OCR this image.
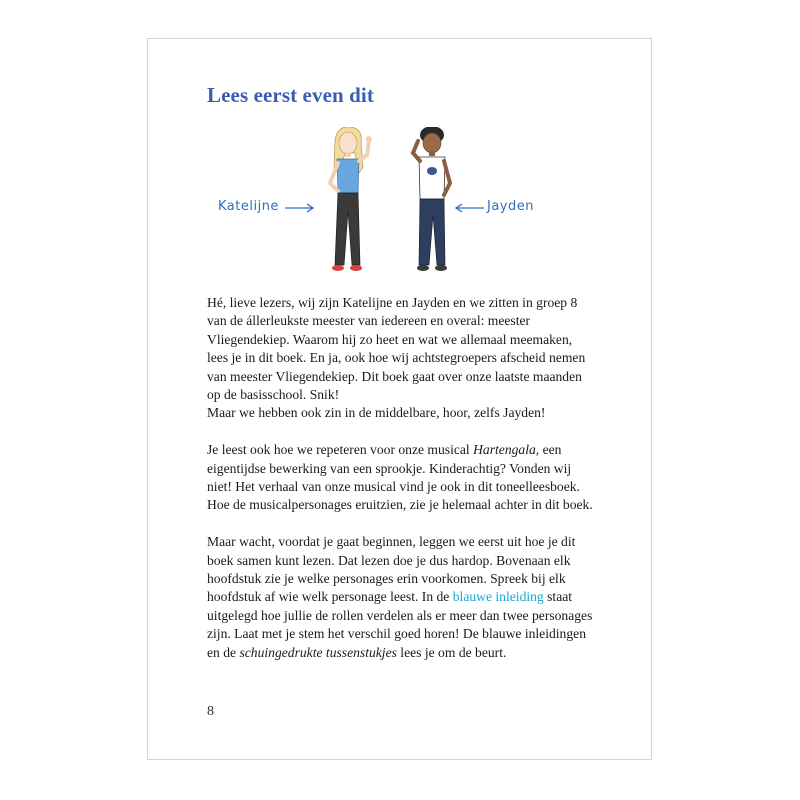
Lees eerst even dit
Katelijne	Jayden

Hé, lieve lezers, wij zijn Katelijne en Jayden en we zitten in groep 8
van de állerleukste meester van iedereen en overal: meester
Vliegendekiep. Waarom hij zo heet en wat we allemaal meemaken,
lees je in dit boek. En ja, ook hoe wij achtstegroepers afscheid nemen
van meester Vliegendekiep. Dit boek gaat over onze laatste maanden
op de basisschool. Snik!
Maar we hebben ook zin in de middelbare, hoor, zelfs Jayden!

Je leest ook hoe we repeteren voor onze musical Hartengala, een
eigentijdse bewerking van een sprookje. Kinderachtig? Vonden wij
niet! Het verhaal van onze musical vind je ook in dit toneelleesboek.
Hoe de musicalpersonages eruitzien, zie je helemaal achter in dit boek.

Maar wacht, voordat je gaat beginnen, leggen we eerst uit hoe je dit
boek samen kunt lezen. Dat lezen doe je dus hardop. Bovenaan elk
hoofdstuk zie je welke personages erin voorkomen. Spreek bij elk
hoofdstuk af wie welk personage leest. In de blauwe inleiding staat
uitgelegd hoe jullie de rollen verdelen als er meer dan twee personages
zijn. Laat met je stem het verschil goed horen! De blauwe inleidingen
en de schuingedrukte tussenstukjes lees je om de beurt.

8
